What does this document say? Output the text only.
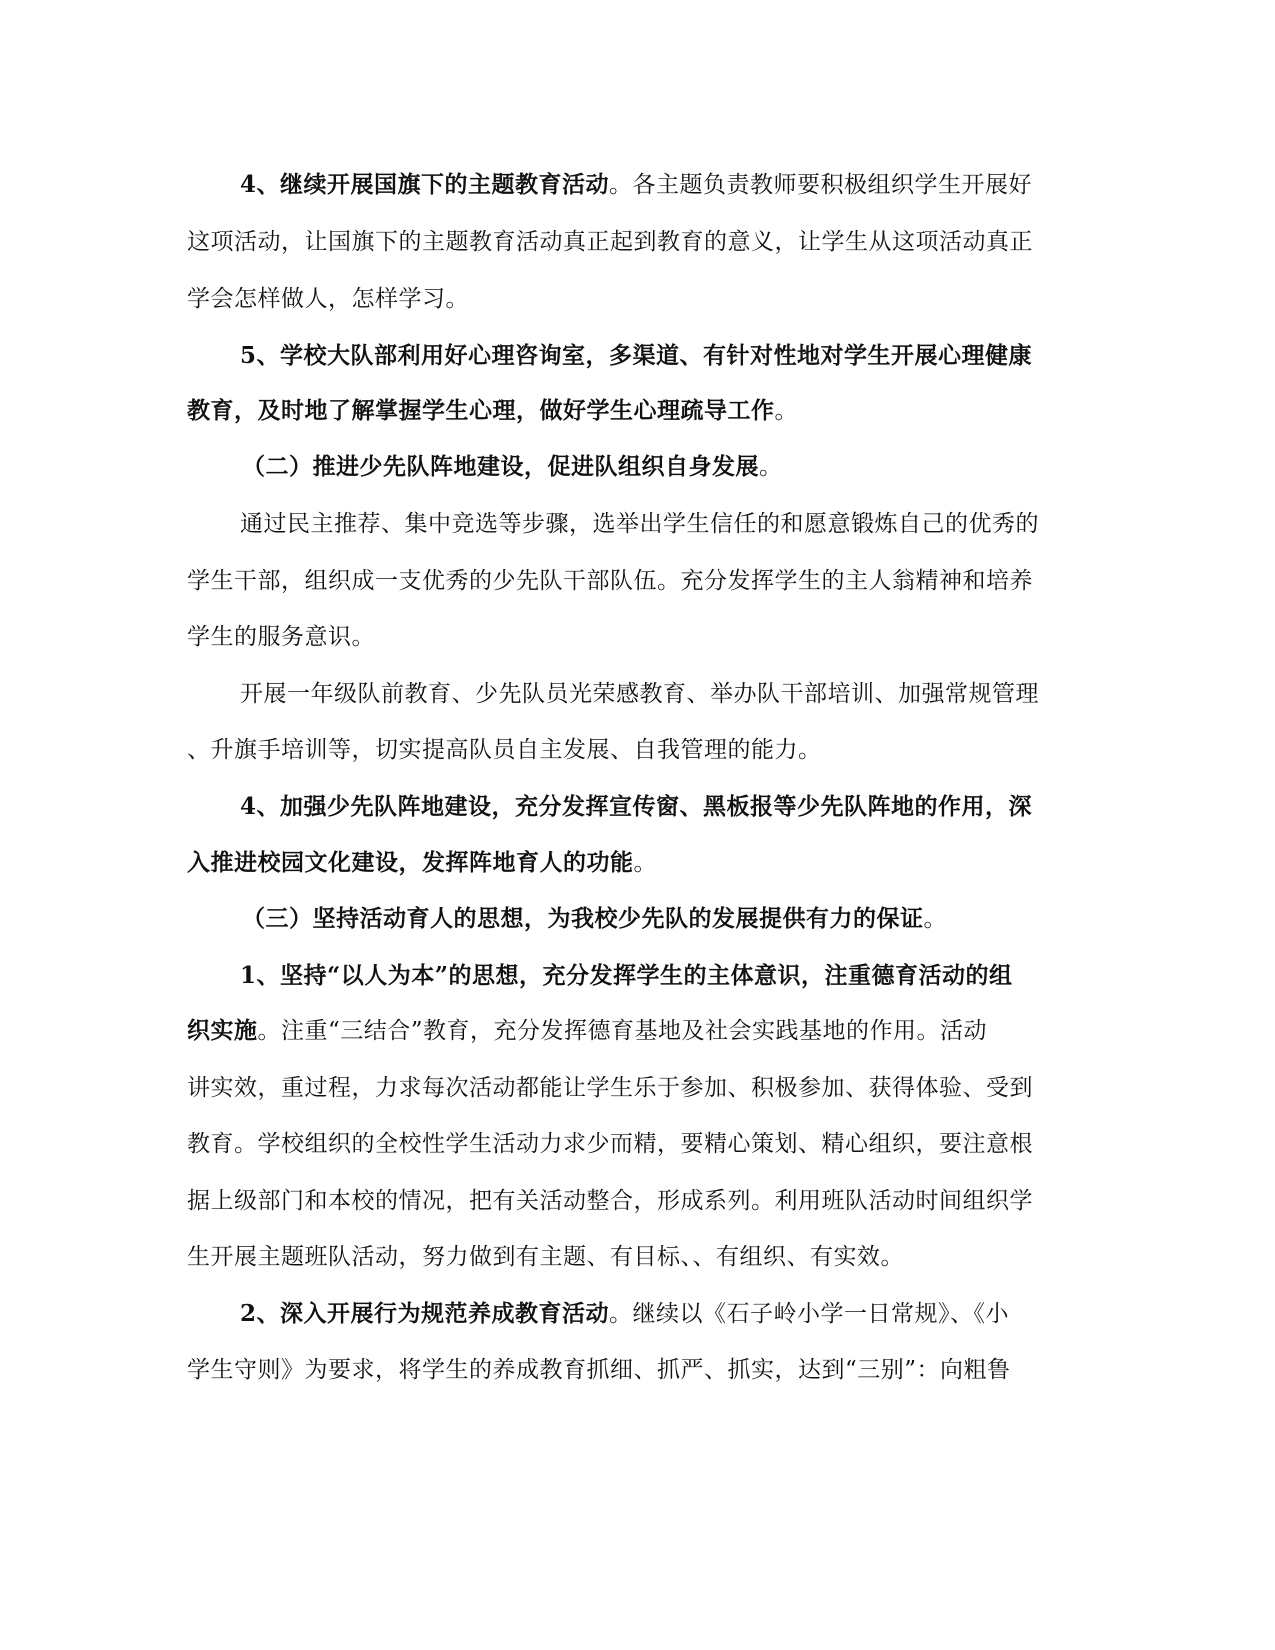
4、继续开展国旗下的主题教育活动。各主题负责教师要积极组织学生开展好
这项活动，让国旗下的主题教育活动真正起到教育的意义，让学生从这项活动真正
学会怎样做人，怎样学习。
5、学校大队部利用好心理咨询室，多渠道、有针对性地对学生开展心理健康
教育，及时地了解掌握学生心理，做好学生心理疏导工作。
（二）推进少先队阵地建设，促进队组织自身发展。
通过民主推荐、集中竞选等步骤，选举出学生信任的和愿意锻炼自己的优秀的
学生干部，组织成一支优秀的少先队干部队伍。充分发挥学生的主人翁精神和培养
学生的服务意识。
开展一年级队前教育、少先队员光荣感教育、举办队干部培训、加强常规管理
、升旗手培训等，切实提高队员自主发展、自我管理的能力。
4、加强少先队阵地建设，充分发挥宣传窗、黑板报等少先队阵地的作用，深
入推进校园文化建设，发挥阵地育人的功能。
（三）坚持活动育人的思想，为我校少先队的发展提供有力的保证。
1、坚持“以人为本”的思想，充分发挥学生的主体意识，注重德育活动的组
织实施。注重“三结合”教育，充分发挥德育基地及社会实践基地的作用。活动
讲实效，重过程，力求每次活动都能让学生乐于参加、积极参加、获得体验、受到
教育。学校组织的全校性学生活动力求少而精，要精心策划、精心组织，要注意根
据上级部门和本校的情况，把有关活动整合，形成系列。利用班队活动时间组织学
生开展主题班队活动，努力做到有主题、有目标、、有组织、有实效。
2、深入开展行为规范养成教育活动。继续以《石子岭小学一日常规》、《小
学生守则》为要求，将学生的养成教育抓细、抓严、抓实，达到“三别”：向粗鲁
